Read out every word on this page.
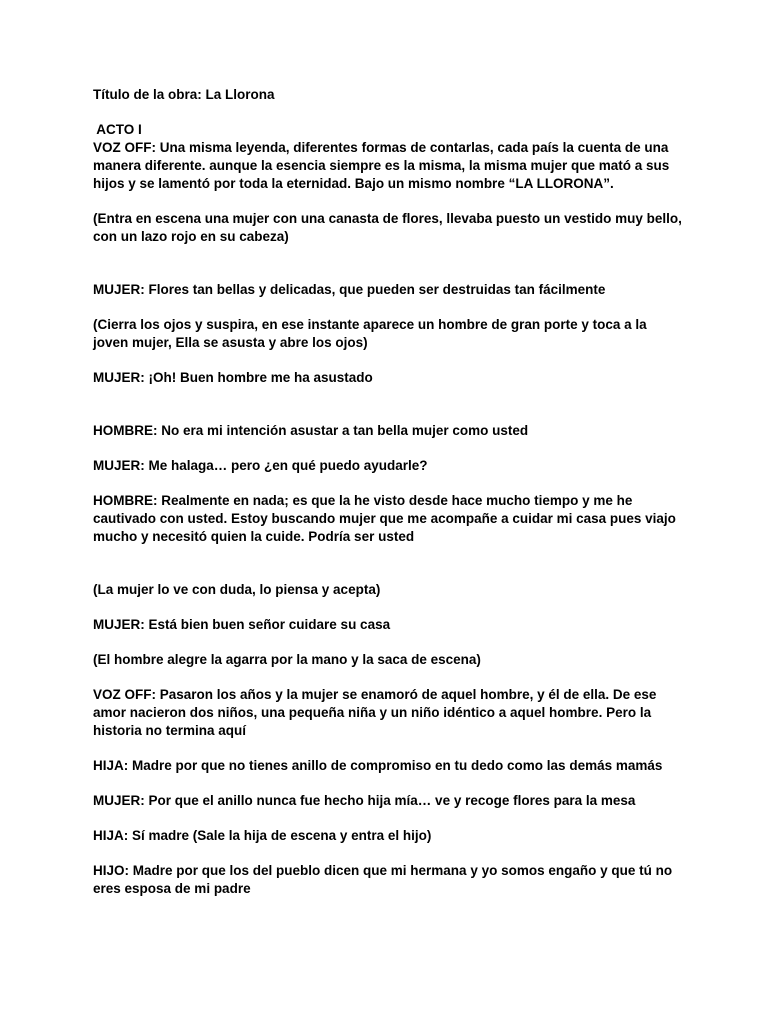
Título de la obra: La Llorona

ACTO I

VOZ OFF: Una misma leyenda, diferentes formas de contarlas, cada país la cuenta de una manera diferente. aunque la esencia siempre es la misma, la misma mujer que mató a sus hijos y se lamentó por toda la eternidad. Bajo un mismo nombre “LA LLORONA”.

(Entra en escena una mujer con una canasta de flores, llevaba puesto un vestido muy bello, con un lazo rojo en su cabeza)

MUJER: Flores tan bellas y delicadas, que pueden ser destruidas tan fácilmente

(Cierra los ojos y suspira, en ese instante aparece un hombre de gran porte y toca a la joven mujer, Ella se asusta y abre los ojos)

MUJER: ¡Oh! Buen hombre me ha asustado

HOMBRE: No era mi intención asustar a tan bella mujer como usted

MUJER: Me halaga… pero ¿en qué puedo ayudarle?

HOMBRE: Realmente en nada; es que la he visto desde hace mucho tiempo y me he cautivado con usted. Estoy buscando mujer que me acompañe a cuidar mi casa pues viajo mucho y necesitó quien la cuide. Podría ser usted

(La mujer lo ve con duda, lo piensa y acepta)

MUJER: Está bien buen señor cuidare su casa

(El hombre alegre la agarra por la mano y la saca de escena)

VOZ OFF: Pasaron los años y la mujer se enamoró de aquel hombre, y él de ella. De ese amor nacieron dos niños, una pequeña niña y un niño idéntico a aquel hombre. Pero la historia no termina aquí

HIJA: Madre por que no tienes anillo de compromiso en tu dedo como las demás mamás

MUJER: Por que el anillo nunca fue hecho hija mía… ve y recoge flores para la mesa

HIJA: Sí madre (Sale la hija de escena y entra el hijo)

HIJO: Madre por que los del pueblo dicen que mi hermana y yo somos engaño y que tú no eres esposa de mi padre
